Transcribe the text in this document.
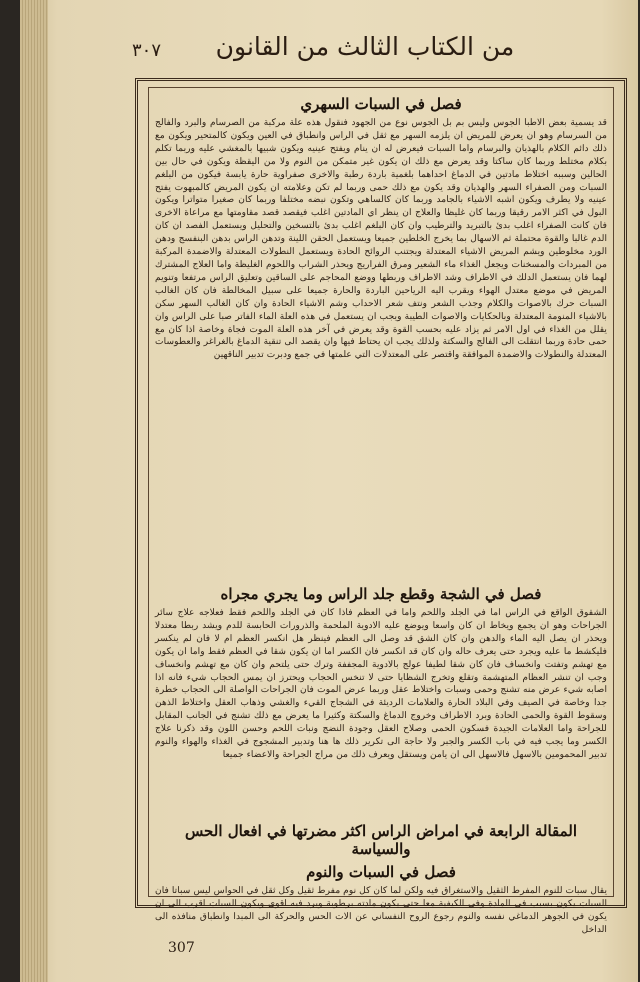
٣٠٧	من الكتاب الثالث من القانون
فصل في السبات السهري
قد يسمية بعض الاطبا الجوس وليس بم بل الجوس نوع من الجهود فنقول هذه علة مركبة من الصرسام والبرد والفالج من السرسام وهو ان يعرض للمريض ان يلزمه السهر مع ثقل في الراس وانطباق في العين ويكون كالمتحير ويكون مع ذلك دائم الكلام بالهذيان والبرسام واما السبات فيعرض له ان ينام ويفتح عينيه ويكون شبيها بالمغشي عليه وربما تكلم بكلام مختلط وربما كان ساكتا وقد يعرض مع ذلك ان يكون غير متمكن من النوم ولا من اليقظة ويكون في حال بين الحالين وسببه اختلاط مادتين في الدماغ احداهما بلغمية باردة رطبة والاخرى صفراوية حارة يابسة فيكون من البلغم السبات ومن الصفراء السهر والهذيان وقد يكون مع ذلك حمى وربما لم تكن وعلامته ان يكون المريض كالمبهوت يفتح عينيه ولا يطرف ويكون اشبه الاشياء بالجامد وربما كان كالساهي وتكون نبضه مختلفا وربما كان صغيرا متواترا ويكون البول في اكثر الامر رقيقا وربما كان غليظا والعلاج ان ينظر اي المادتين اغلب فيقصد قصد مقاومتها مع مراعاة الاخرى فان كانت الصفراء اغلب بدئ بالتبريد والترطيب وان كان البلغم اغلب بدئ بالتسخين والتحليل ويستعمل الفصد ان كان الدم غالبا والقوة محتملة ثم الاسهال بما يخرج الخلطين جميعا ويستعمل الحقن اللينة وتدهن الراس بدهن البنفسج ودهن الورد مخلوطين ويشم المريض الاشياء المعتدلة ويجتنب الروائح الحادة ويستعمل النطولات المعتدلة والاضمدة المركبة من المبردات والمسخنات ويجعل الغذاء ماء الشعير ومرق الفراريج ويحذر الشراب واللحوم الغليظة واما العلاج المشترك لهما فان يستعمل الدلك في الاطراف وشد الاطراف وربطها ووضع المحاجم على الساقين وتعليق الراس مرتفعا وتنويم المريض في موضع معتدل الهواء ويقرب اليه الرياحين الباردة والحارة جميعا على سبيل المخالطة فان كان الغالب السبات حرك بالاصوات والكلام وجذب الشعر ونتف شعر الاحداب وشم الاشياء الحادة وان كان الغالب السهر سكن بالاشياء المنومة المعتدلة وبالحكايات والاصوات الطيبة ويجب ان يستعمل في هذه العلة الماء الفاتر صبا على الراس وان يقلل من الغذاء في اول الامر ثم يزاد عليه بحسب القوة وقد يعرض في آخر هذه العلة الموت فجاة وخاصة اذا كان مع حمى حادة وربما انتقلت الى الفالج والسكتة ولذلك يجب ان يحتاط فيها وان يقصد الى تنقية الدماغ بالغراغر والعطوسات المعتدلة والنطولات والاضمدة الموافقة واقتصر على المعتدلات التي علمتها في جمع ودبرت تدبير الناقهين
فصل في الشجة وقطع جلد الراس وما يجري مجراه
الشقوق الواقع في الراس اما في الجلد واللحم واما في العظم فاذا كان في الجلد واللحم فقط فعلاجه علاج سائر الجراحات وهو ان يجمع ويخاط ان كان واسعا ويوضع عليه الادوية الملحمة والذرورات الحابسة للدم ويشد ربطا معتدلا ويحذر ان يصل اليه الماء والدهن وان كان الشق قد وصل الى العظم فينظر هل انكسر العظم ام لا فان لم ينكسر فليكشط ما عليه ويجرد حتى يعرف حاله وان كان قد انكسر فان الكسر اما ان يكون شقا في العظم فقط واما ان يكون مع تهشم وتفتت وانخساف فان كان شقا لطيفا عولج بالادوية المجففة وترك حتى يلتحم وان كان مع تهشم وانخساف وجب ان تنشر العظام المتهشمة وتقلع وتخرج الشظايا حتى لا تنخس الحجاب ويحترز ان يمس الحجاب شيء فانه اذا اصابه شيء عرض منه تشنج وحمى وسبات واختلاط عقل وربما عرض الموت فان الجراحات الواصلة الى الحجاب خطرة جدا وخاصة في الصيف وفي البلاد الحارة والعلامات الرديئة في الشجاج القيء والغشي وذهاب العقل واختلاط الذهن وسقوط القوة والحمى الحادة وبرد الاطراف وخروج الدماغ والسكتة وكثيرا ما يعرض مع ذلك تشنج في الجانب المقابل للجراحة واما العلامات الجيدة فسكون الحمى وصلاح العقل وجودة النضج ونبات اللحم وحسن اللون وقد ذكرنا علاج الكسر وما يجب فيه في باب الكسر والجبر ولا حاجة الى تكرير ذلك ها هنا وتدبير المشجوج في الغذاء والهواء والنوم تدبير المحمومين بالاسهل فالاسهل الى ان يامن ويستقل ويعرف ذلك من مراج الجراحة والاعضاء جميعا
المقالة الرابعة في امراض الراس اكثر مضرتها في افعال الحس والسياسة
فصل في السبات والنوم
يقال سبات للنوم المفرط الثقيل والاستغراق فيه ولكن لما كان كل نوم مفرط ثقيل وكل ثقل في الحواس ليس سباتا فان السبات يكون بسبب في المادة وفي الكيفية معا حتى يكون مادته برطوبة وبرد فيه اقوى ويكون السبات اقرب الى ان يكون في الجوهر الدماغي نفسه والنوم رجوع الروح النفساني عن الات الحس والحركة الى المبدا وانطباق منافذه الى الداخل
307
